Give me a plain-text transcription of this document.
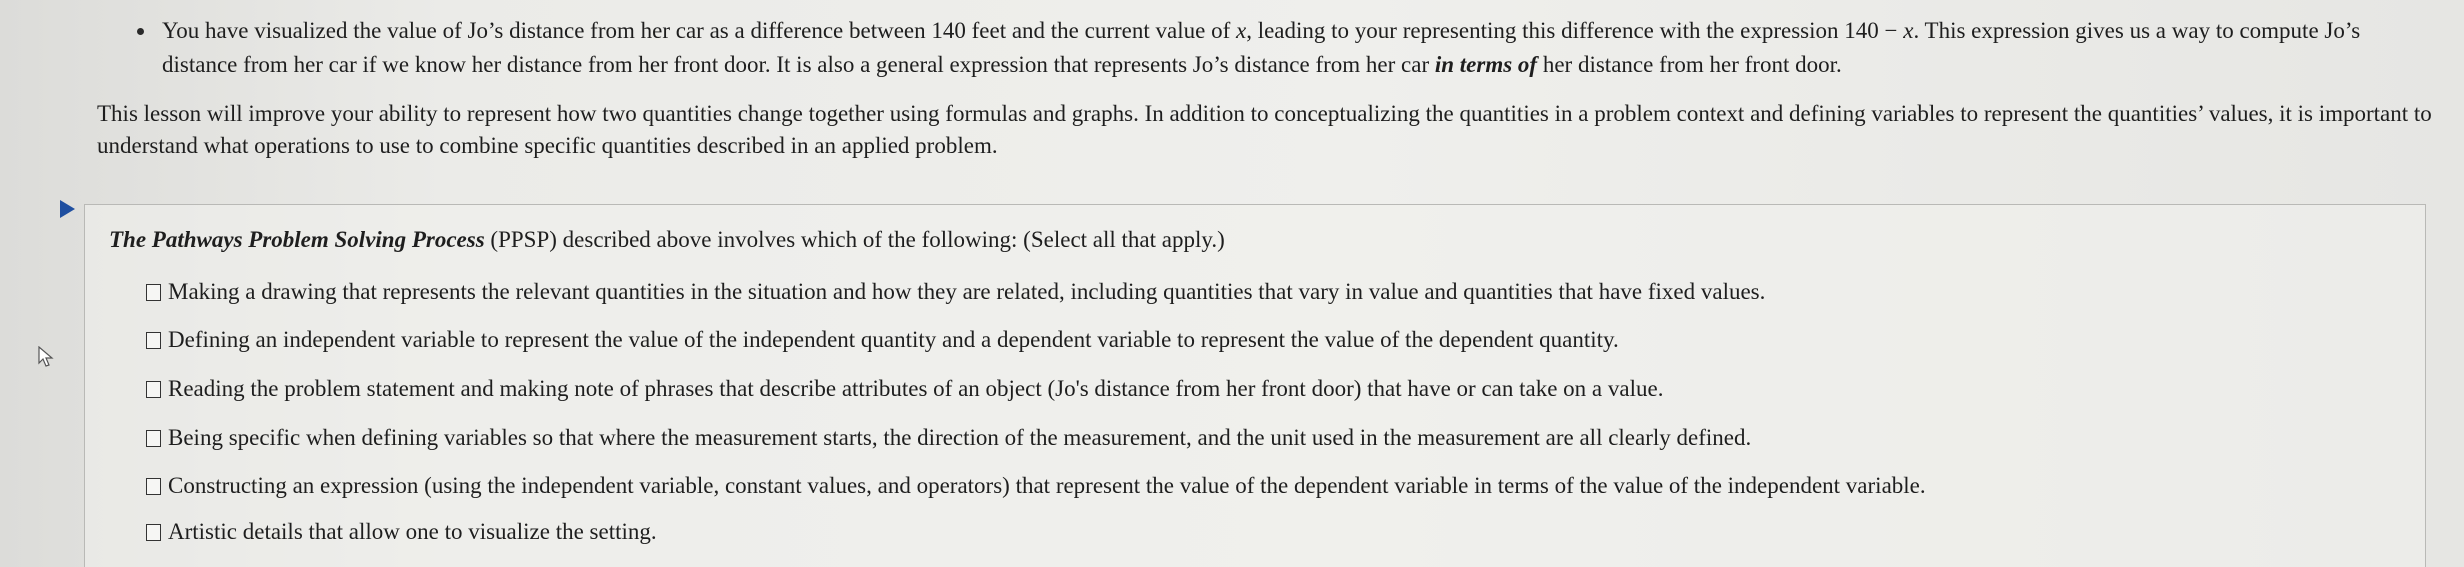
You have visualized the value of Jo’s distance from her car as a difference between 140 feet and the current value of x, leading to your representing this difference with the expression 140 − x. This expression gives us a way to compute Jo’s distance from her car if we know her distance from her front door. It is also a general expression that represents Jo’s distance from her car in terms of her distance from her front door.
This lesson will improve your ability to represent how two quantities change together using formulas and graphs. In addition to conceptualizing the quantities in a problem context and defining variables to represent the quantities’ values, it is important to understand what operations to use to combine specific quantities described in an applied problem.
The Pathways Problem Solving Process (PPSP) described above involves which of the following: (Select all that apply.)
Making a drawing that represents the relevant quantities in the situation and how they are related, including quantities that vary in value and quantities that have fixed values.
Defining an independent variable to represent the value of the independent quantity and a dependent variable to represent the value of the dependent quantity.
Reading the problem statement and making note of phrases that describe attributes of an object (Jo's distance from her front door) that have or can take on a value.
Being specific when defining variables so that where the measurement starts, the direction of the measurement, and the unit used in the measurement are all clearly defined.
Constructing an expression (using the independent variable, constant values, and operators) that represent the value of the dependent variable in terms of the value of the independent variable.
Artistic details that allow one to visualize the setting.
